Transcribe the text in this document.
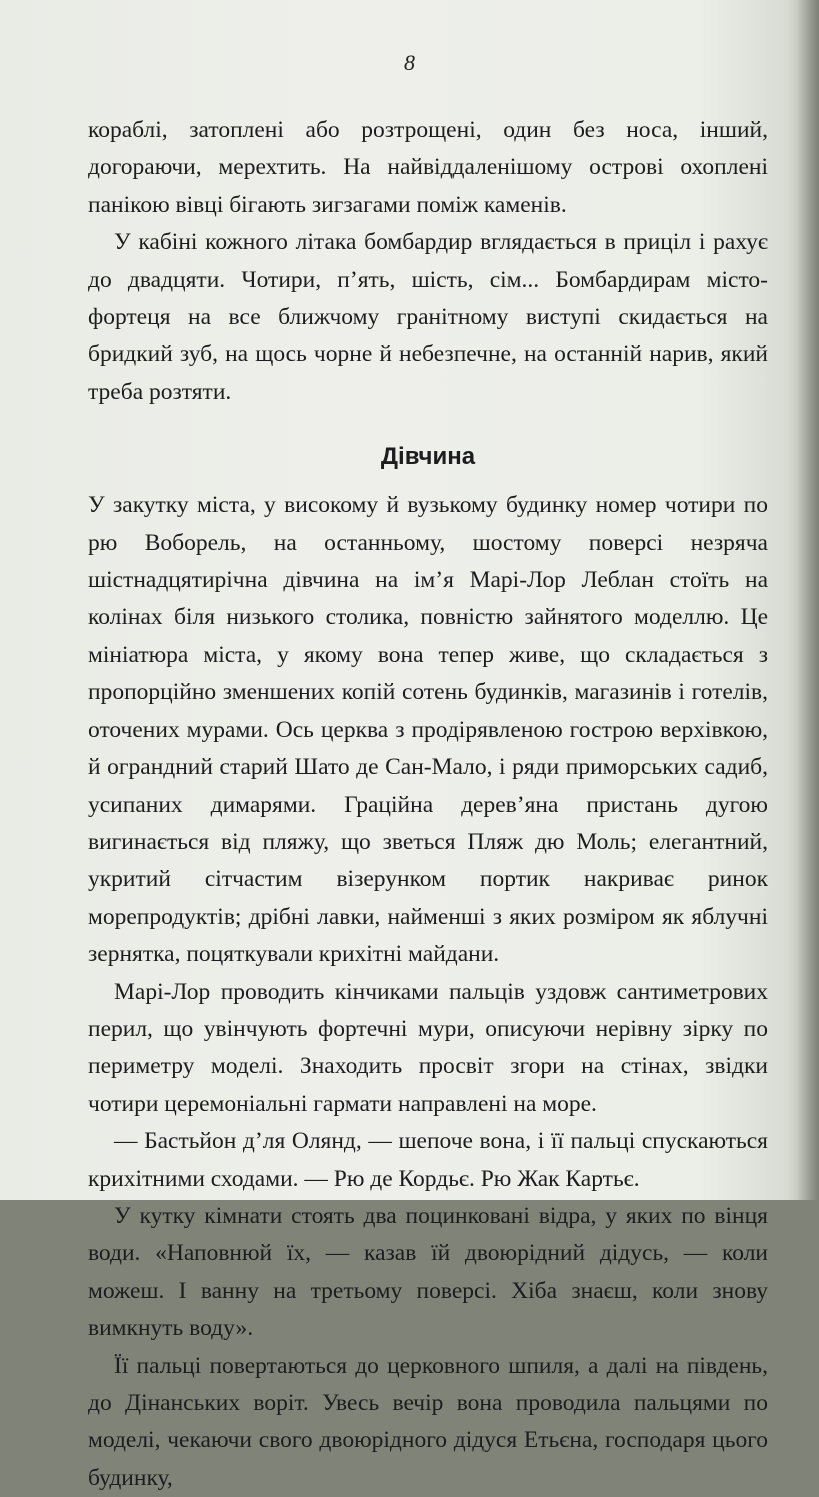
8

кораблі, затоплені або розтрощені, один без носа, інший, догораючи, мерехтить. На найвіддаленішому острові охоплені панікою вівці бігають зигзагами поміж каменів.

У кабіні кожного літака бомбардир вглядається в приціл і рахує до двадцяти. Чотири, п’ять, шість, сім... Бомбардирам місто-фортеця на все ближчому гранітному виступі скидається на бридкий зуб, на щось чорне й небезпечне, на останній нарив, який треба розтяти.

Дівчина

У закутку міста, у високому й вузькому будинку номер чотири по рю Воборель, на останньому, шостому поверсі незряча шістнадцятирічна дівчина на ім’я Марі-Лор Леблан стоїть на колінах біля низького столика, повністю зайнятого моделлю. Це мініатюра міста, у якому вона тепер живе, що складається з пропорційно зменшених копій сотень будинків, магазинів і готелів, оточених мурами. Ось церква з продірявленою гострою верхівкою, й ограндний старий Шато де Сан-Мало, і ряди приморських садиб, усипаних димарями. Граційна дерев’яна пристань дугою вигинається від пляжу, що зветься Пляж дю Моль; елегантний, укритий сітчастим візерунком портик накриває ринок морепродуктів; дрібні лавки, найменші з яких розміром як яблучні зернятка, поцяткували крихітні майдани.

Марі-Лор проводить кінчиками пальців уздовж сантиметрових перил, що увінчують фортечні мури, описуючи нерівну зірку по периметру моделі. Знаходить просвіт згори на стінах, звідки чотири церемоніальні гармати направлені на море.

— Бастьйон д’ля Олянд, — шепоче вона, і її пальці спускаються крихітними сходами. — Рю де Кордьє. Рю Жак Картьє.

У кутку кімнати стоять два поцинковані відра, у яких по вінця води. «Наповнюй їх, — казав їй двоюрідний дідусь, — коли можеш. І ванну на третьому поверсі. Хіба знаєш, коли знову вимкнуть воду».

Її пальці повертаються до церковного шпиля, а далі на південь, до Дінанських воріт. Увесь вечір вона проводила пальцями по моделі, чекаючи свого двоюрідного дідуся Етьєна, господаря цього будинку,
